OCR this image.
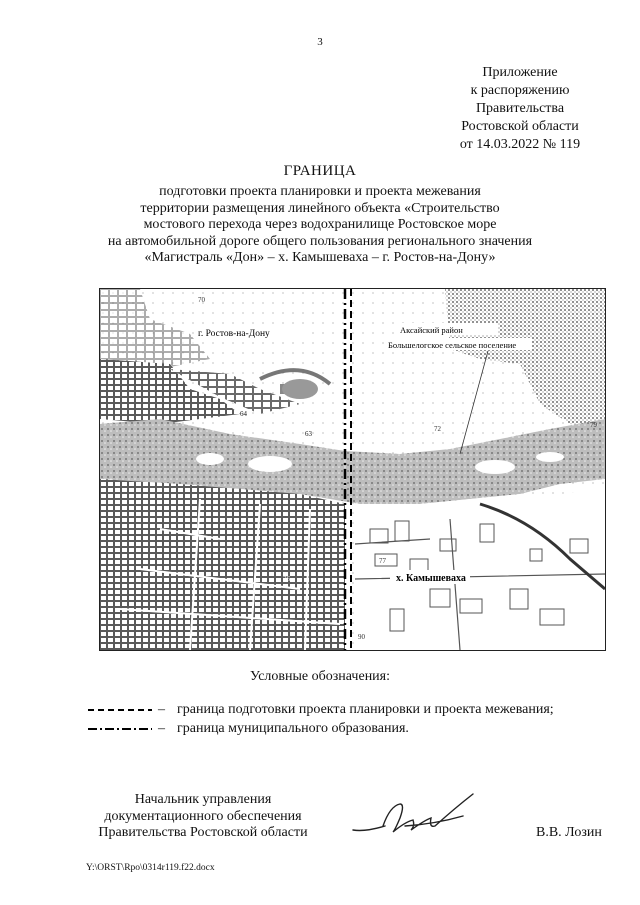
3
Приложение
к распоряжению
Правительства
Ростовской области
от 14.03.2022 № 119
ГРАНИЦА
подготовки проекта планировки и проекта межевания
территории размещения линейного объекта «Строительство
мостового перехода через водохранилище Ростовское море
на автомобильной дороге общего пользования регионального значения
«Магистраль «Дон» – х. Камышеваха – г. Ростов-на-Дону»
г. Ростов-на-Дону	Аксайский район
Большелогское сельское поселение
х. Камышеваха
70
64
63
72	79
77
76
90
Условные обозначения:
– граница подготовки проекта планировки и проекта межевания;
– граница муниципального образования.
Начальник управления
документационного обеспечения
Правительства Ростовской области	В.В. Лозин
Y:\ORST\Rpo\0314r119.f22.docx
